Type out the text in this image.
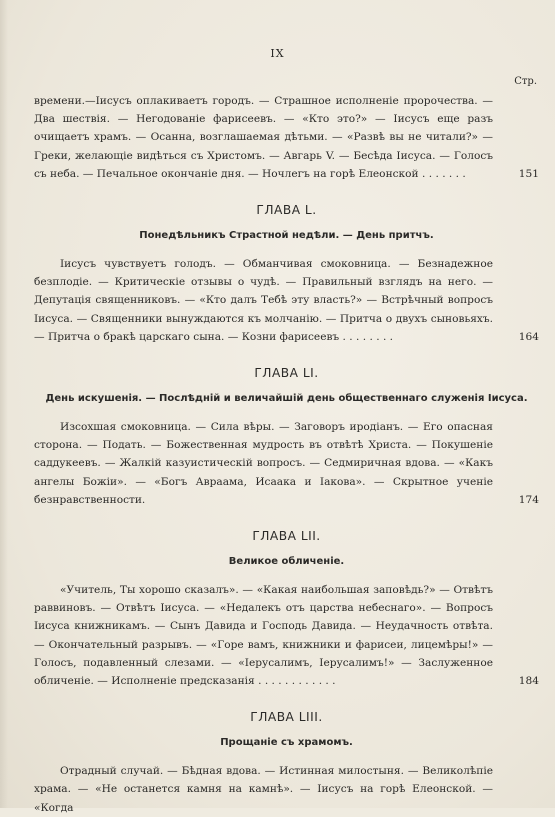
IX
Стр.
времени.—Іисусъ оплакиваетъ городъ. — Страшное исполненіе пророчества. — Два шествія. — Негодованіе фарисеевъ. — «Кто это?» — Іисусъ еще разъ очищаетъ храмъ. — Осанна, возглашаемая дѣтьми. — «Развѣ вы не читали?» — Греки, желающіе видѣться съ Христомъ. — Авгарь V. — Бесѣда Іисуса. — Голосъ съ неба. — Печальное окончаніе дня. — Ночлегъ на горѣ Елеонской . . . . . . .	151
ГЛАВА L.
Понедѣльникъ Страстной недѣли. — День притчъ.
Іисусъ чувствуетъ голодъ. — Обманчивая смоковница. — Безнадежное безплодіе. — Критическіе отзывы о чудѣ. — Правильный взглядъ на него. — Депутація священниковъ. — «Кто далъ Тебѣ эту власть?» — Встрѣчный вопросъ Іисуса. — Священники вынуждаются къ молчанію. — Притча о двухъ сыновьяхъ. — Притча о бракѣ царскаго сына. — Козни фарисеевъ . . . . . . . .	164
ГЛАВА LI.
День искушенія. — Послѣдній и величайшій день общественнаго служенія Іисуса.
Изсохшая смоковница. — Сила вѣры. — Заговоръ иродіанъ. — Его опасная сторона. — Подать. — Божественная мудрость въ отвѣтѣ Христа. — Покушеніе саддукеевъ. — Жалкій казуистическій вопросъ. — Седмиричная вдова. — «Какъ ангелы Божіи». — «Богъ Авраама, Исаака и Іакова». — Скрытное ученіе безнравственности.	174
ГЛАВА LII.
Великое обличеніе.
«Учитель, Ты хорошо сказалъ». — «Какая наибольшая заповѣдь?» — Отвѣтъ раввиновъ. — Отвѣтъ Іисуса. — «Недалекъ отъ царства небеснаго». — Вопросъ Іисуса книжникамъ. — Сынъ Давида и Господь Давида. — Неудачность отвѣта. — Окончательный разрывъ. — «Горе вамъ, книжники и фарисеи, лицемѣры!» — Голосъ, подавленный слезами. — «Іерусалимъ, Іерусалимъ!» — Заслуженное обличеніе. — Исполненіе предсказанія . . . . . . . . . . . .	184
ГЛАВА LIII.
Прощаніе съ храмомъ.
Отрадный случай. — Бѣдная вдова. — Истинная милостыня. — Великолѣпіе храма. — «Не останется камня на камнѣ». — Іисусъ на горѣ Елеонской. — «Когда
